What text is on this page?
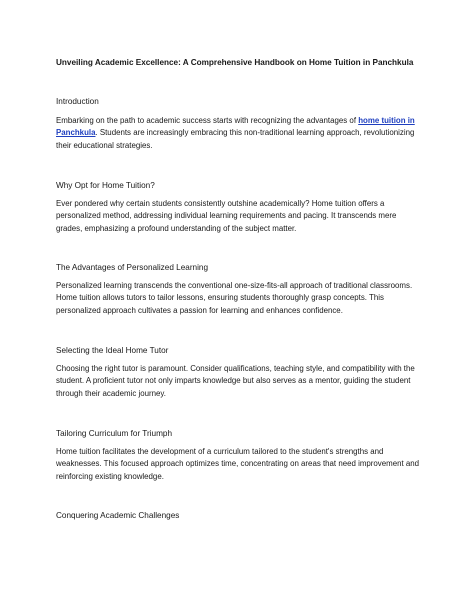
Unveiling Academic Excellence: A Comprehensive Handbook on Home Tuition in Panchkula
Introduction

Embarking on the path to academic success starts with recognizing the advantages of home tuition in
Panchkula. Students are increasingly embracing this non-traditional learning approach, revolutionizing
their educational strategies.

Why Opt for Home Tuition?

Ever pondered why certain students consistently outshine academically? Home tuition offers a
personalized method, addressing individual learning requirements and pacing. It transcends mere
grades, emphasizing a profound understanding of the subject matter.

The Advantages of Personalized Learning

Personalized learning transcends the conventional one-size-fits-all approach of traditional classrooms.
Home tuition allows tutors to tailor lessons, ensuring students thoroughly grasp concepts. This
personalized approach cultivates a passion for learning and enhances confidence.

Selecting the Ideal Home Tutor

Choosing the right tutor is paramount. Consider qualifications, teaching style, and compatibility with the
student. A proficient tutor not only imparts knowledge but also serves as a mentor, guiding the student
through their academic journey.

Tailoring Curriculum for Triumph

Home tuition facilitates the development of a curriculum tailored to the student's strengths and
weaknesses. This focused approach optimizes time, concentrating on areas that need improvement and
reinforcing existing knowledge.

Conquering Academic Challenges
